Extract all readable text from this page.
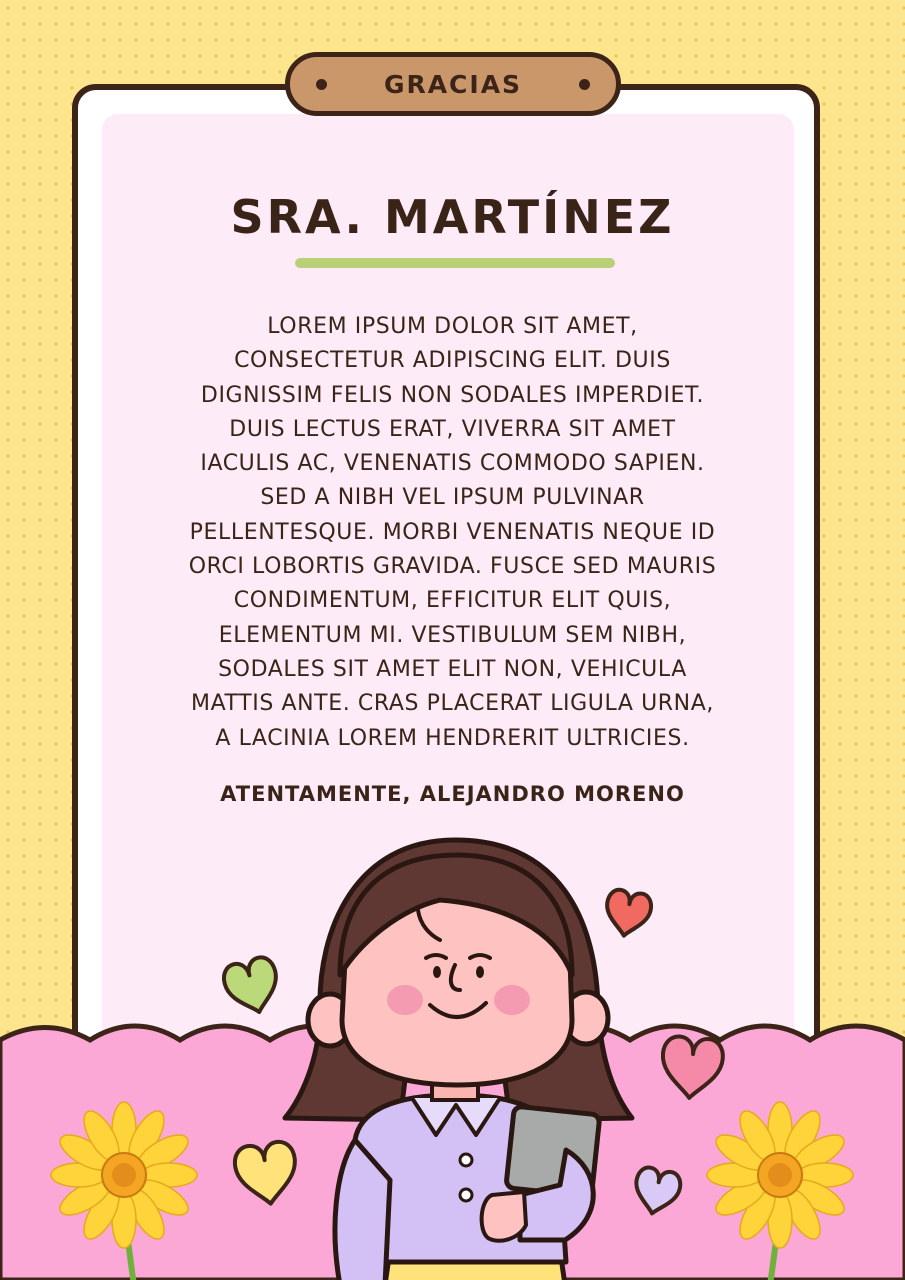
GRACIAS
SRA. MARTÍNEZ

LOREM IPSUM DOLOR SIT AMET,
CONSECTETUR ADIPISCING ELIT. DUIS
DIGNISSIM FELIS NON SODALES IMPERDIET.
DUIS LECTUS ERAT, VIVERRA SIT AMET
IACULIS AC, VENENATIS COMMODO SAPIEN.
SED A NIBH VEL IPSUM PULVINAR
PELLENTESQUE. MORBI VENENATIS NEQUE ID
ORCI LOBORTIS GRAVIDA. FUSCE SED MAURIS
CONDIMENTUM, EFFICITUR ELIT QUIS,
ELEMENTUM MI. VESTIBULUM SEM NIBH,
SODALES SIT AMET ELIT NON, VEHICULA
MATTIS ANTE. CRAS PLACERAT LIGULA URNA,
A LACINIA LOREM HENDRERIT ULTRICIES.

ATENTAMENTE, ALEJANDRO MORENO
